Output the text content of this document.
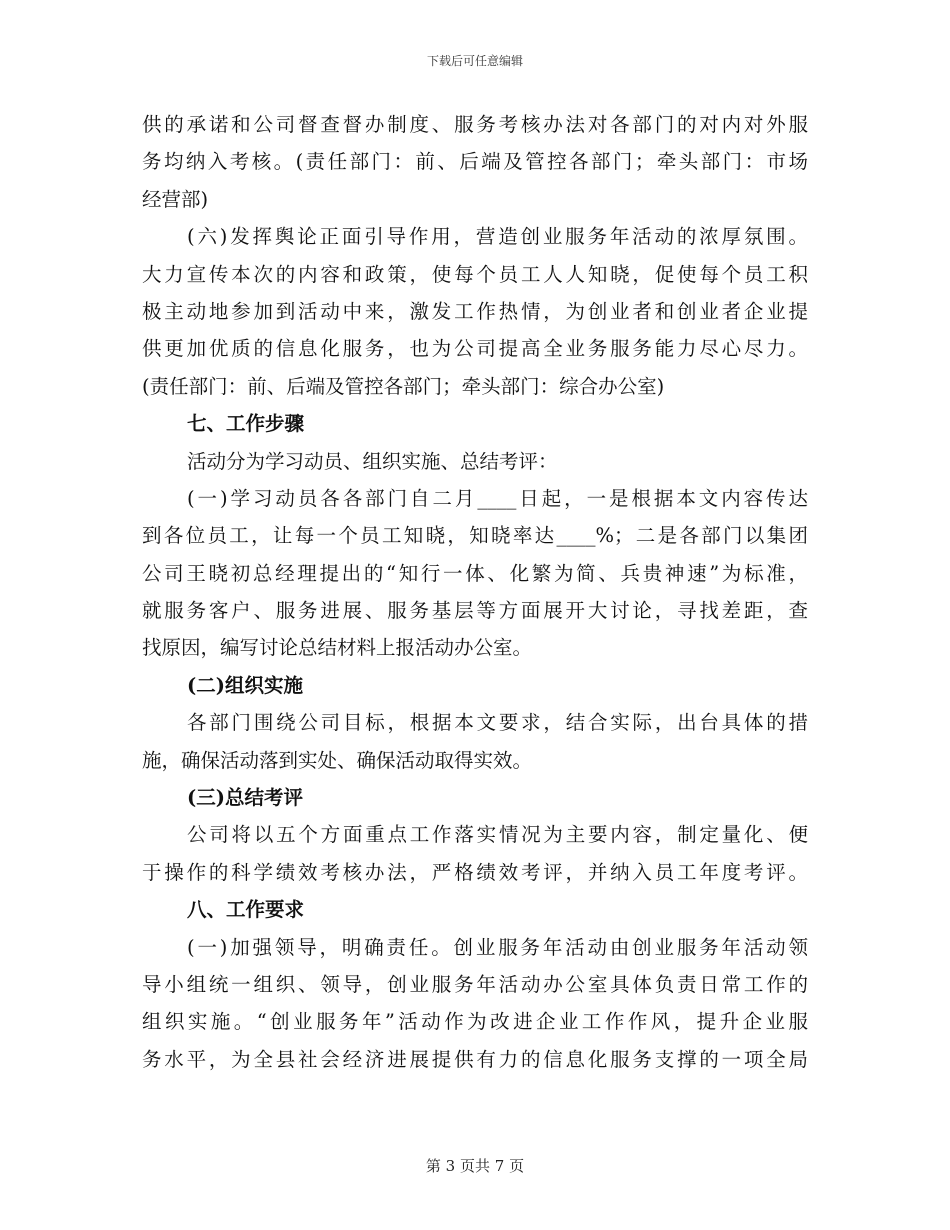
下载后可任意编辑
供的承诺和公司督查督办制度、服务考核办法对各部门的对内对外服
务均纳入考核。(责任部门：前、后端及管控各部门；牵头部门：市场
经营部)
(六)发挥舆论正面引导作用，营造创业服务年活动的浓厚氛围。
大力宣传本次的内容和政策，使每个员工人人知晓，促使每个员工积
极主动地参加到活动中来，激发工作热情，为创业者和创业者企业提
供更加优质的信息化服务，也为公司提高全业务服务能力尽心尽力。
(责任部门：前、后端及管控各部门；牵头部门：综合办公室)
七、工作步骤
活动分为学习动员、组织实施、总结考评：
(一)学习动员各各部门自二月____日起，一是根据本文内容传达
到各位员工，让每一个员工知晓，知晓率达____%；二是各部门以集团
公司王晓初总经理提出的“知行一体、化繁为简、兵贵神速”为标准，
就服务客户、服务进展、服务基层等方面展开大讨论，寻找差距，查
找原因，编写讨论总结材料上报活动办公室。
(二)组织实施
各部门围绕公司目标，根据本文要求，结合实际，出台具体的措
施，确保活动落到实处、确保活动取得实效。
(三)总结考评
公司将以五个方面重点工作落实情况为主要内容，制定量化、便
于操作的科学绩效考核办法，严格绩效考评，并纳入员工年度考评。
八、工作要求
(一)加强领导，明确责任。创业服务年活动由创业服务年活动领
导小组统一组织、领导，创业服务年活动办公室具体负责日常工作的
组织实施。“创业服务年”活动作为改进企业工作作风，提升企业服
务水平，为全县社会经济进展提供有力的信息化服务支撑的一项全局
第 3 页共 7 页
